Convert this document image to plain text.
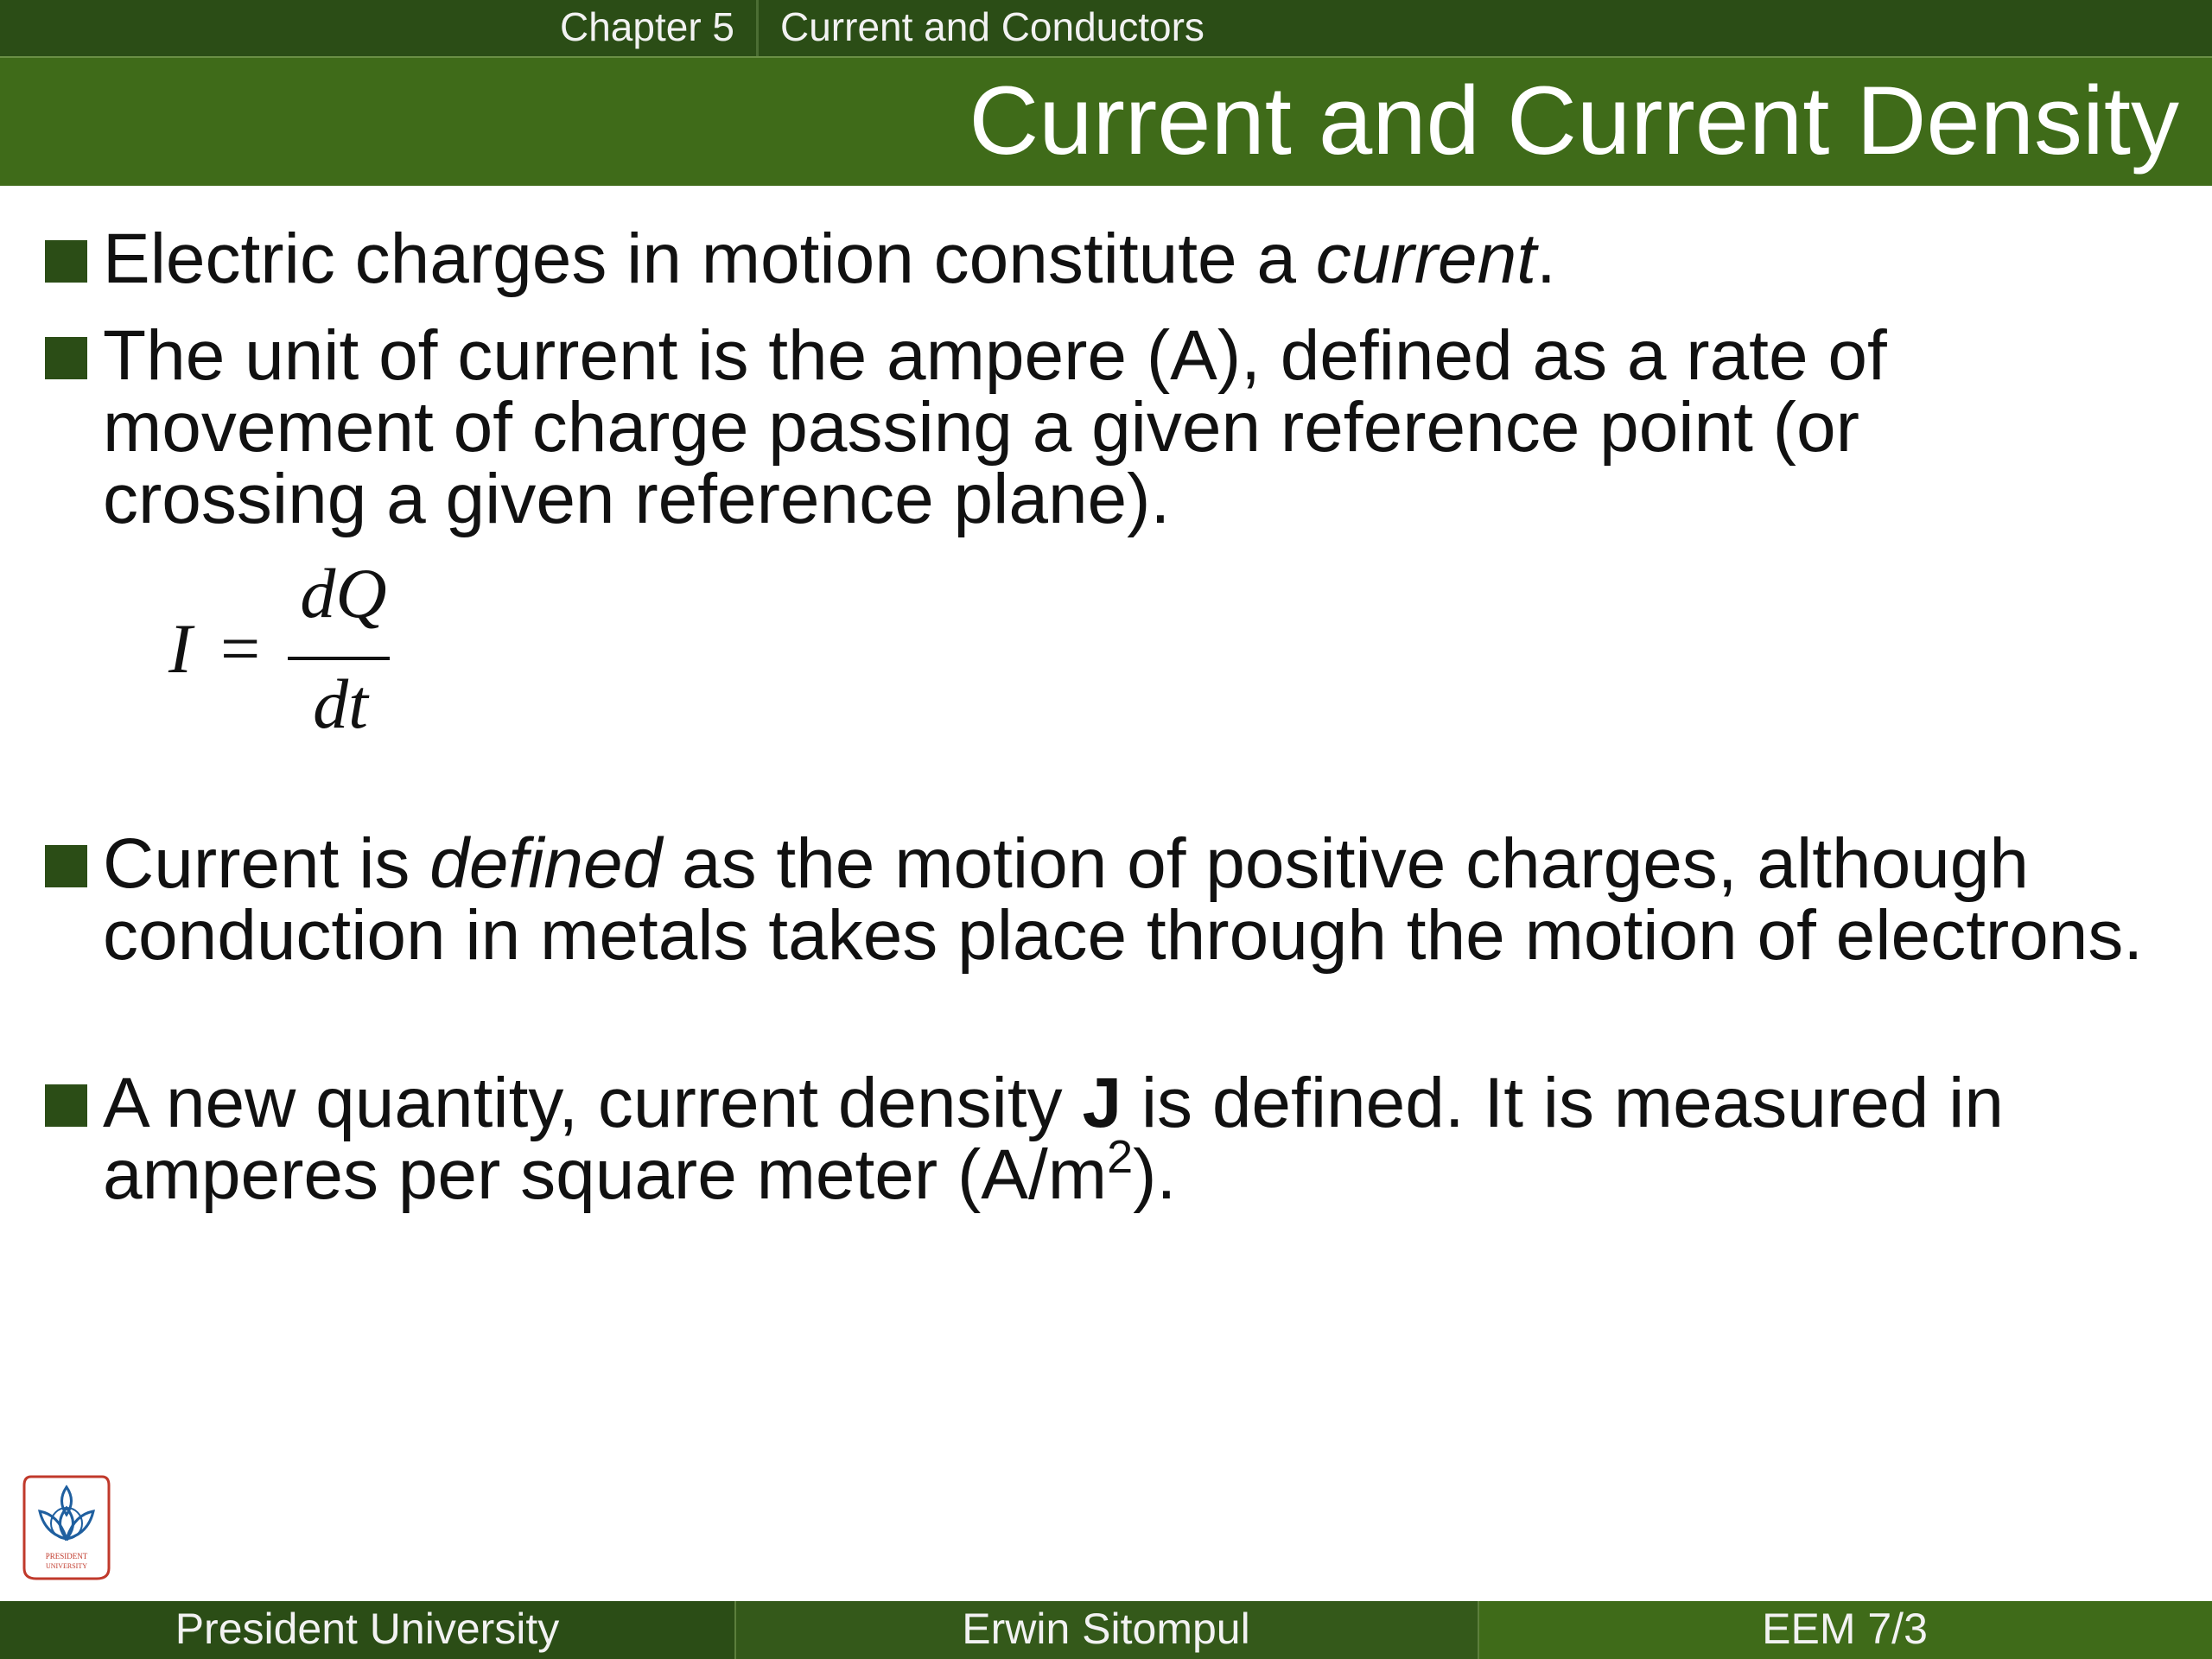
Chapter 5 Current and Conductors
Current and Current Density
Electric charges in motion constitute a current.
The unit of current is the ampere (A), defined as a rate of movement of charge passing a given reference point (or crossing a given reference plane).
I =
dQ
dt
Current is defined as the motion of positive charges, although conduction in metals takes place through the motion of electrons.
A new quantity, current density J is defined. It is measured in amperes per square meter $(A/m^2)$.
PRESIDENT
UNIVERSITY
President University	Erwin Sitompul	EEM 7/3
